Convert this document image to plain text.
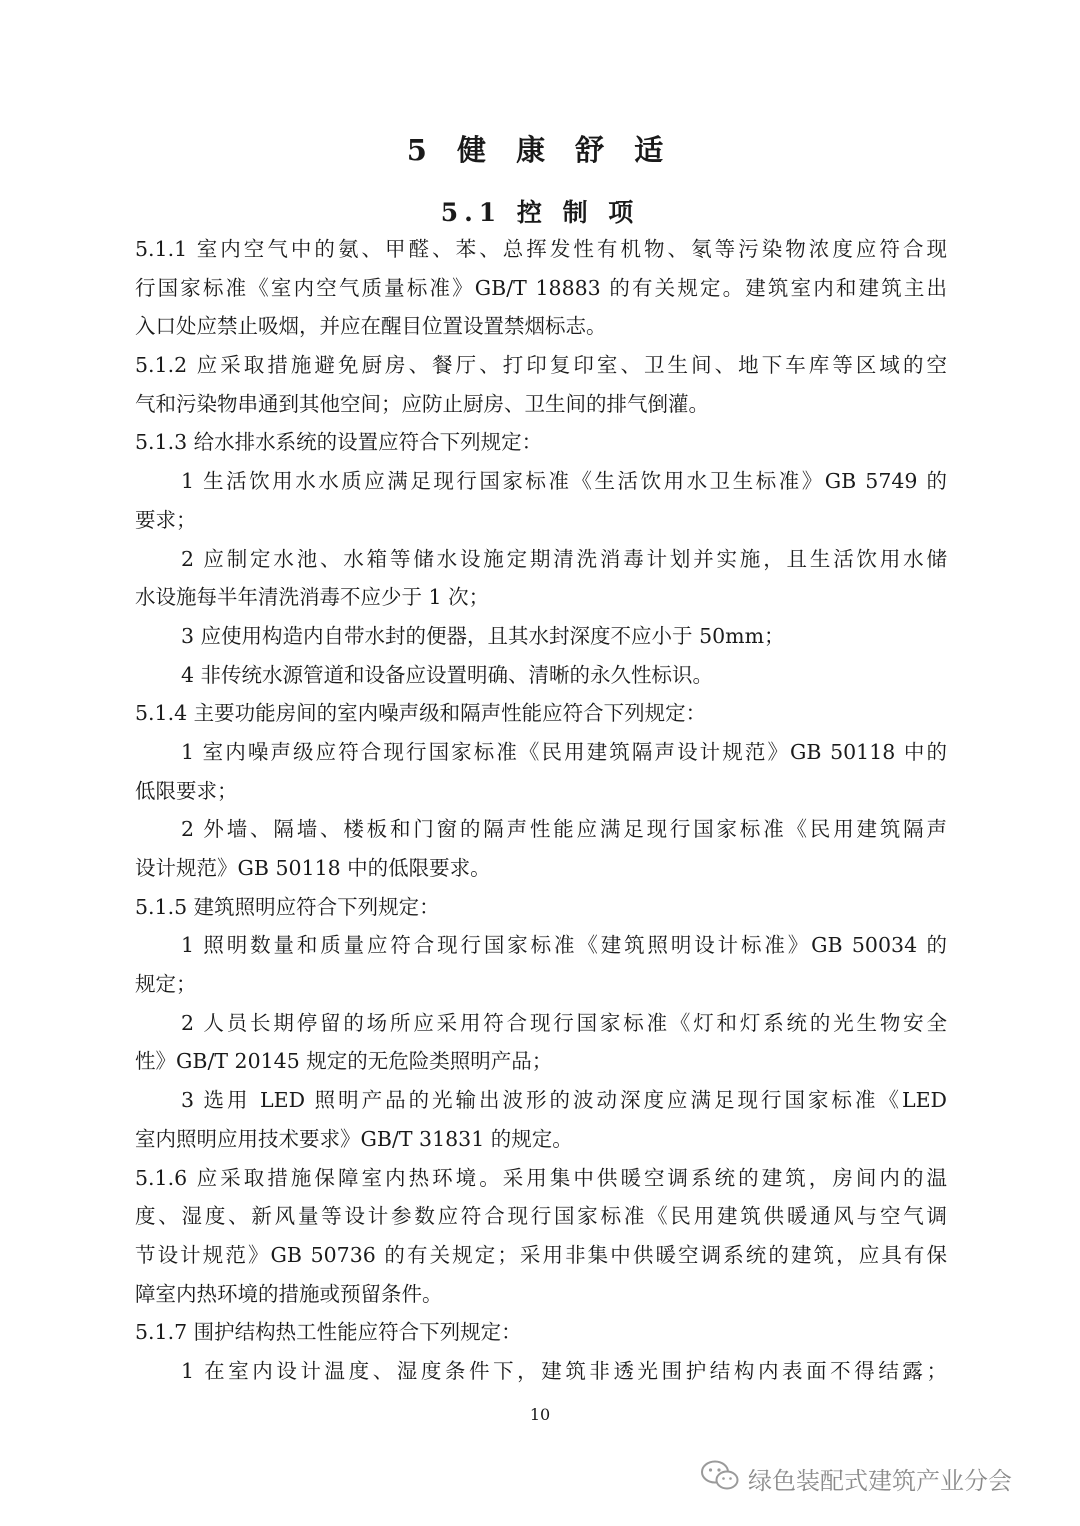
5 健 康 舒 适
5.1 控 制 项
5.1.1 室内空气中的氨、甲醛、苯、总挥发性有机物、氡等污染物浓度应符合现
行国家标准《室内空气质量标准》GB/T 18883 的有关规定。建筑室内和建筑主出
入口处应禁止吸烟，并应在醒目位置设置禁烟标志。
5.1.2 应采取措施避免厨房、餐厅、打印复印室、卫生间、地下车库等区域的空
气和污染物串通到其他空间；应防止厨房、卫生间的排气倒灌。
5.1.3 给水排水系统的设置应符合下列规定：
1 生活饮用水水质应满足现行国家标准《生活饮用水卫生标准》GB 5749 的
要求；
2 应制定水池、水箱等储水设施定期清洗消毒计划并实施，且生活饮用水储
水设施每半年清洗消毒不应少于 1 次；
3 应使用构造内自带水封的便器，且其水封深度不应小于 50mm；
4 非传统水源管道和设备应设置明确、清晰的永久性标识。
5.1.4 主要功能房间的室内噪声级和隔声性能应符合下列规定：
1 室内噪声级应符合现行国家标准《民用建筑隔声设计规范》GB 50118 中的
低限要求；
2 外墙、隔墙、楼板和门窗的隔声性能应满足现行国家标准《民用建筑隔声
设计规范》GB 50118 中的低限要求。
5.1.5 建筑照明应符合下列规定：
1 照明数量和质量应符合现行国家标准《建筑照明设计标准》GB 50034 的
规定；
2 人员长期停留的场所应采用符合现行国家标准《灯和灯系统的光生物安全
性》GB/T 20145 规定的无危险类照明产品；
3 选用 LED 照明产品的光输出波形的波动深度应满足现行国家标准《LED
室内照明应用技术要求》GB/T 31831 的规定。
5.1.6 应采取措施保障室内热环境。采用集中供暖空调系统的建筑，房间内的温
度、湿度、新风量等设计参数应符合现行国家标准《民用建筑供暖通风与空气调
节设计规范》GB 50736 的有关规定；采用非集中供暖空调系统的建筑，应具有保
障室内热环境的措施或预留条件。
5.1.7 围护结构热工性能应符合下列规定：
1 在室内设计温度、湿度条件下，建筑非透光围护结构内表面不得结露；
10
绿色装配式建筑产业分会
